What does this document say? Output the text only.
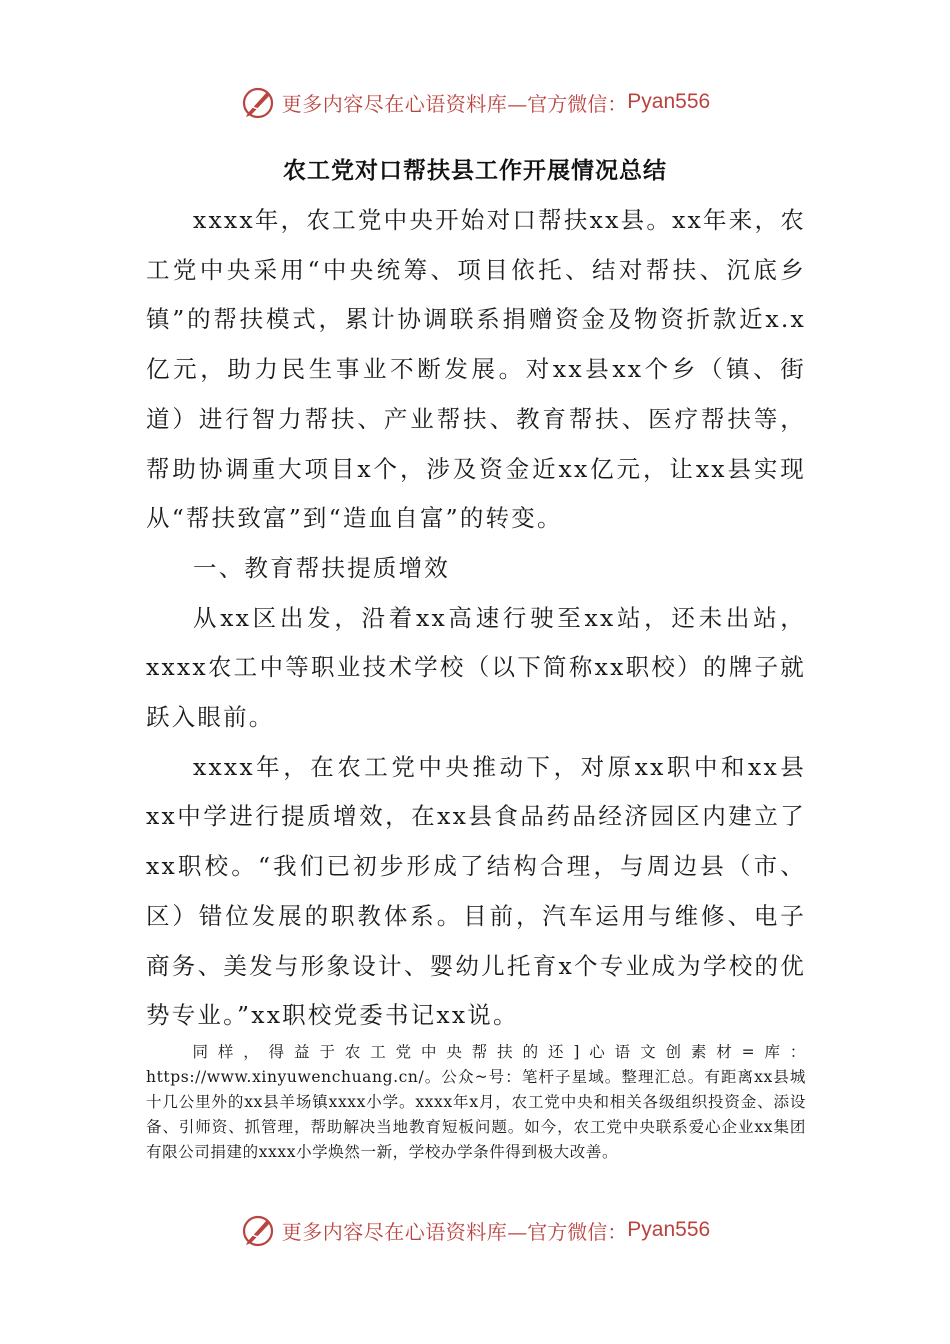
更多内容尽在心语资料库 —官方微信： Pyan556
农工党对口帮扶县工作开展情况总结

xxxx年，农工党中央开始对口帮扶xx县。xx年来，农工党中央采用“中央统筹、项目依托、结对帮扶、沉底乡镇”的帮扶模式，累计协调联系捐赠资金及物资折款近x.x亿元，助力民生事业不断发展。对xx县xx个乡（镇、街道）进行智力帮扶、产业帮扶、教育帮扶、医疗帮扶等，帮助协调重大项目x个，涉及资金近xx亿元，让xx县实现从“帮扶致富”到“造血自富”的转变。

一、教育帮扶提质增效

从xx区出发，沿着xx高速行驶至xx站，还未出站，xxxx农工中等职业技术学校（以下简称xx职校）的牌子就跃入眼前。

xxxx年，在农工党中央推动下，对原xx职中和xx县xx中学进行提质增效，在xx县食品药品经济园区内建立了xx职校。“我们已初步形成了结构合理，与周边县（市、区）错位发展的职教体系。目前，汽车运用与维修、电子商务、美发与形象设计、婴幼儿托育x个专业成为学校的优势专业。”xx职校党委书记xx说。

同样，得益于农工党中央帮扶的还]心语文创素材=库：https://www.xinyuwenchuang.cn/。公众~号：笔杆子星域。整理汇总。有距离xx县城十几公里外的xx县羊场镇xxxx小学。xxxx年x月，农工党中央和相关各级组织投资金、添设备、引师资、抓管理，帮助解决当地教育短板问题。如今，农工党中央联系爱心企业xx集团有限公司捐建的xxxx小学焕然一新，学校办学条件得到极大改善。

更多内容尽在心语资料库 —官方微信： Pyan556
